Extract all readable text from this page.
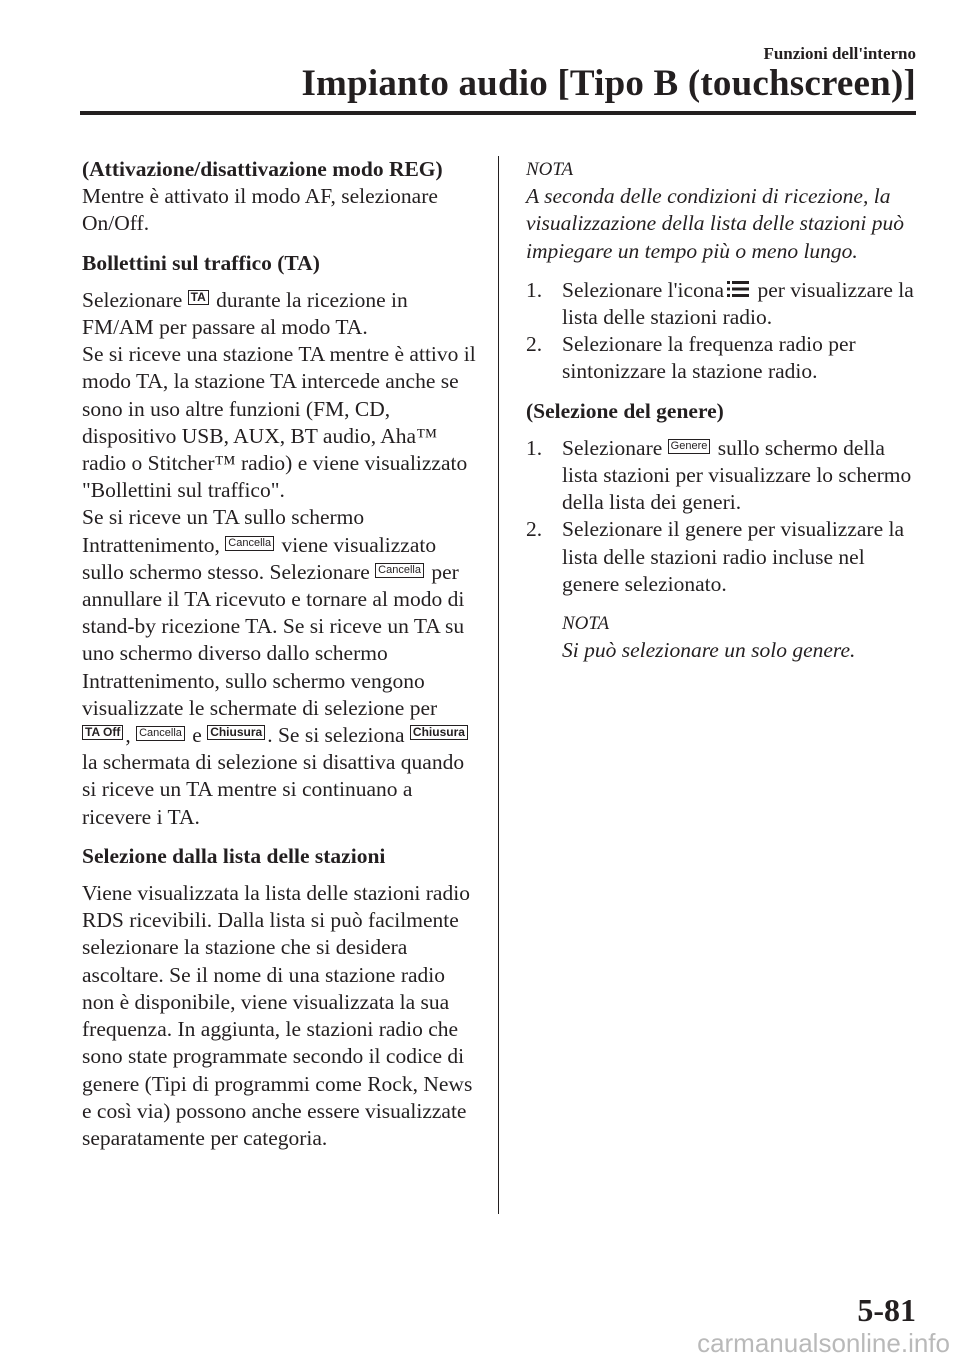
Funzioni dell'interno
Impianto audio [Tipo B (touchscreen)]

(Attivazione/disattivazione modo REG)

Mentre è attivato il modo AF, selezionare On/Off.

Bollettini sul traffico (TA)

Selezionare TA durante la ricezione in FM/AM per passare al modo TA.

Se si riceve una stazione TA mentre è attivo il modo TA, la stazione TA intercede anche se sono in uso altre funzioni (FM, CD, dispositivo USB, AUX, BT audio, Aha™ radio o Stitcher™ radio) e viene visualizzato "Bollettini sul traffico".

Se si riceve un TA sullo schermo Intrattenimento, Cancella viene visualizzato sullo schermo stesso. Selezionare Cancella per annullare il TA ricevuto e tornare al modo di stand-by ricezione TA. Se si riceve un TA su uno schermo diverso dallo schermo Intrattenimento, sullo schermo vengono visualizzate le schermate di selezione per TA Off , Cancella e Chiusura . Se si seleziona Chiusura la schermata di selezione si disattiva quando si riceve un TA mentre si continuano a ricevere i TA.

Selezione dalla lista delle stazioni

Viene visualizzata la lista delle stazioni radio RDS ricevibili. Dalla lista si può facilmente selezionare la stazione che si desidera ascoltare. Se il nome di una stazione radio non è disponibile, viene visualizzata la sua frequenza. In aggiunta, le stazioni radio che sono state programmate secondo il codice di genere (Tipi di programmi come Rock, News e così via) possono anche essere visualizzate separatamente per categoria.

NOTA

A seconda delle condizioni di ricezione, la visualizzazione della lista delle stazioni può impiegare un tempo più o meno lungo.

1. Selezionare l'icona per visualizzare la lista delle stazioni radio.
2. Selezionare la frequenza radio per sintonizzare la stazione radio.

(Selezione del genere)

1. Selezionare Genere sullo schermo della lista stazioni per visualizzare lo schermo della lista dei generi.
2. Selezionare il genere per visualizzare la lista delle stazioni radio incluse nel genere selezionato.

NOTA

Si può selezionare un solo genere.

5-81
carmanualsonline.info
